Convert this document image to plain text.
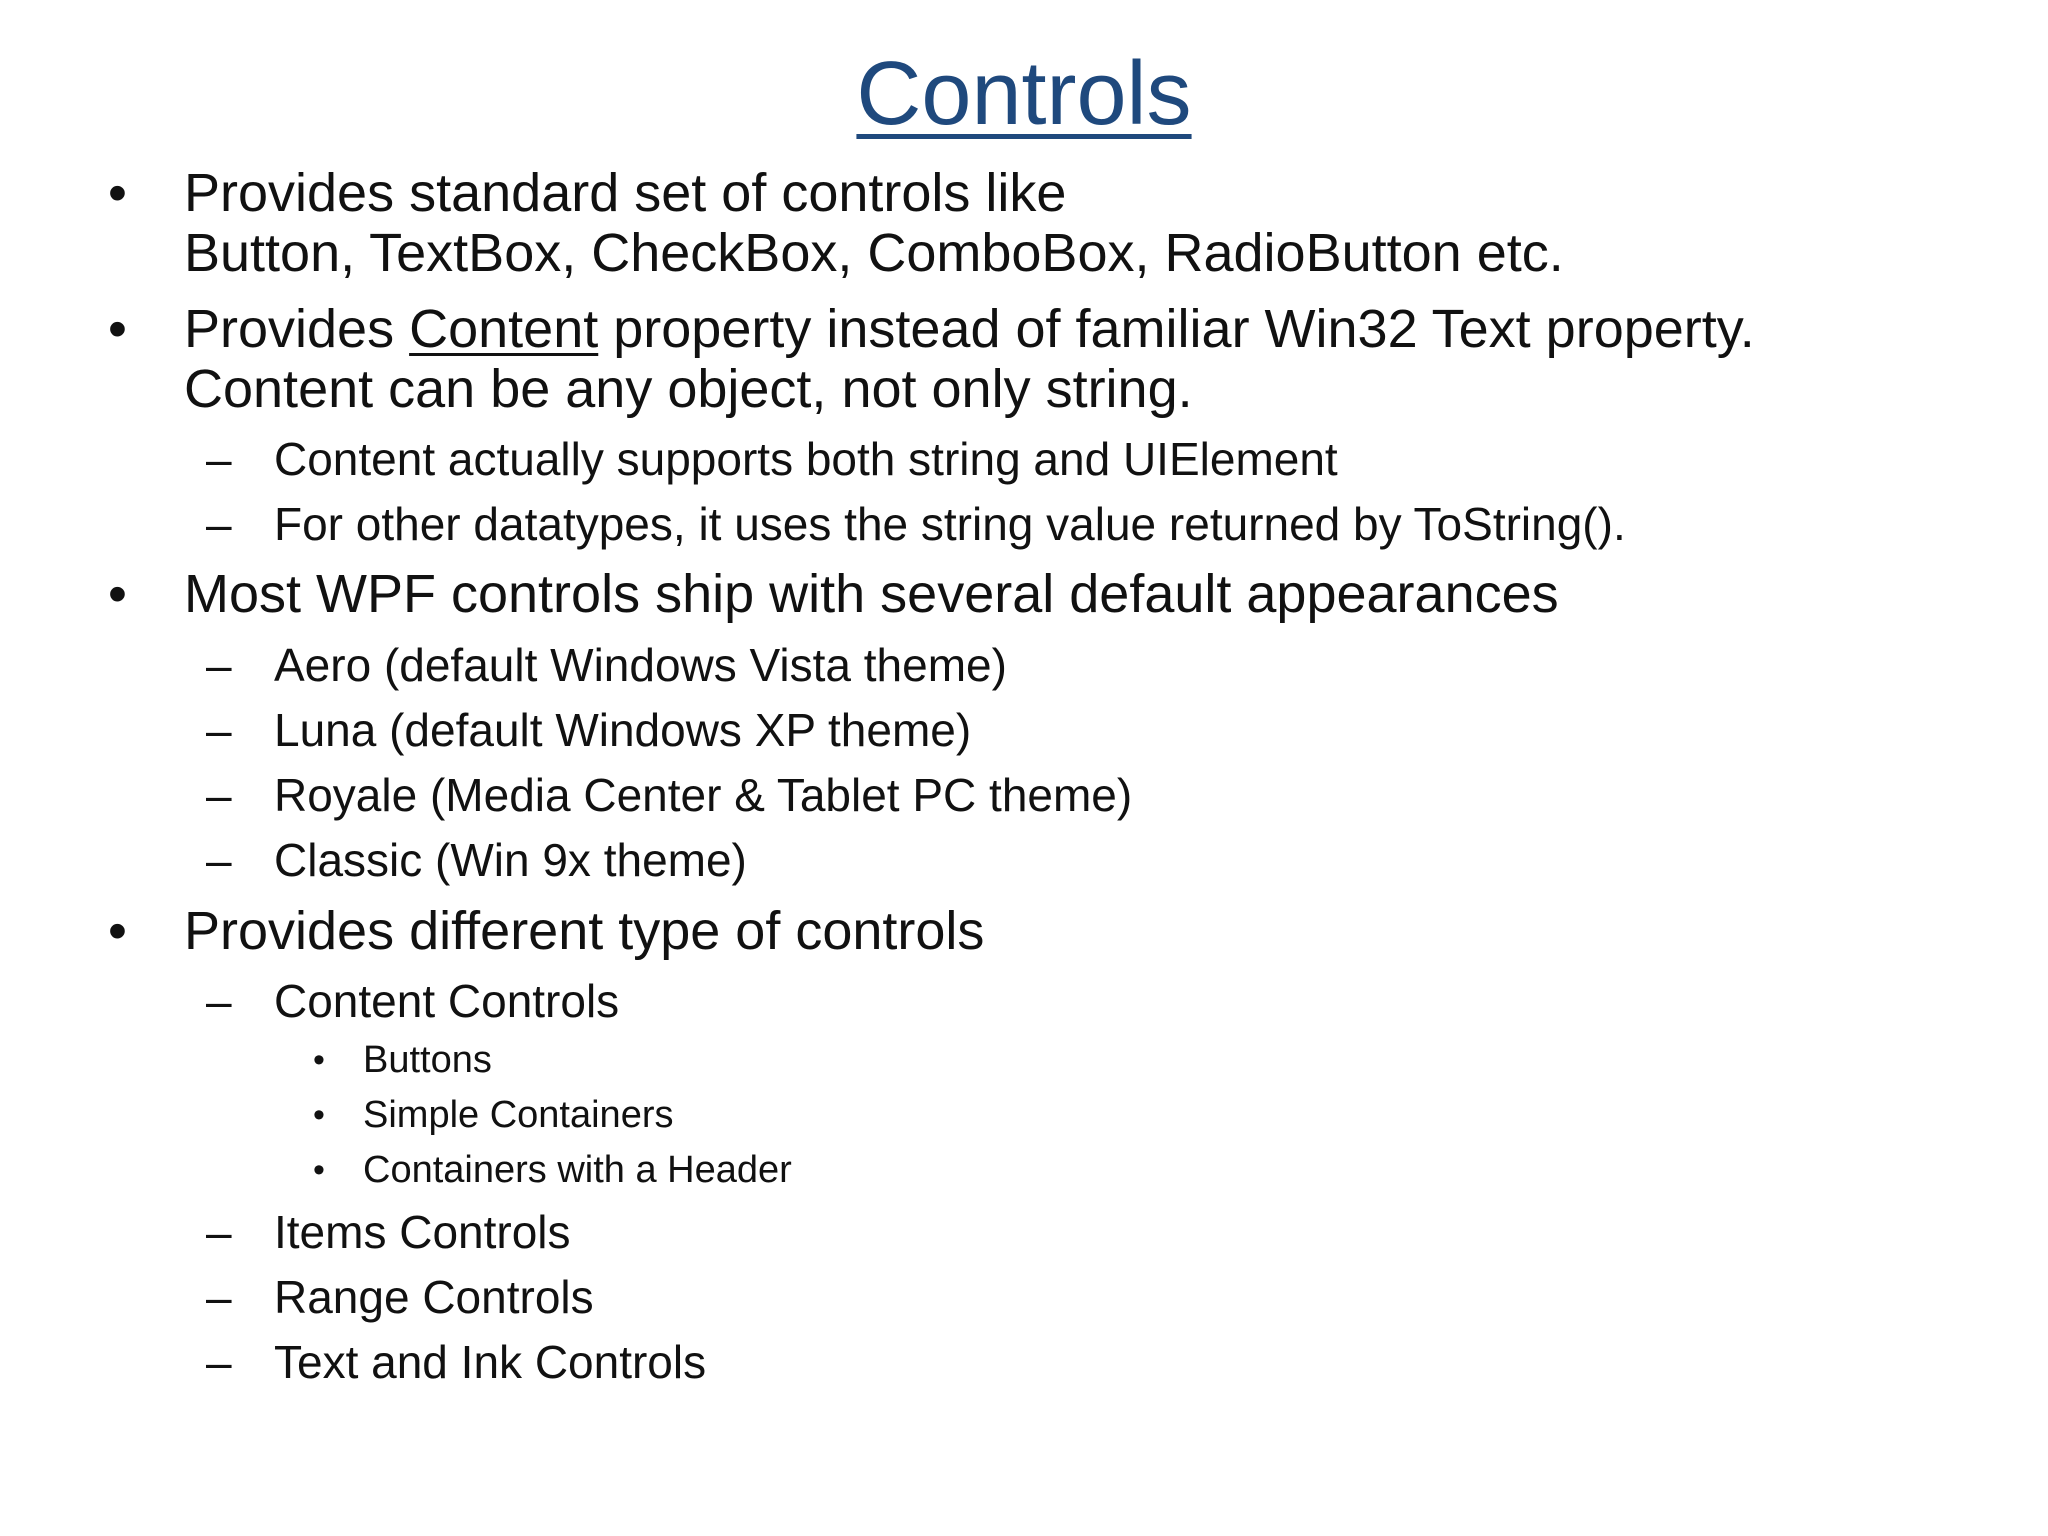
Controls
• Provides standard set of controls like

Button, TextBox, CheckBox, ComboBox, RadioButton etc.

• Provides Content property instead of familiar Win32 Text property.

Content can be any object, not only string.

– Content actually supports both string and UIElement

– For other datatypes, it uses the string value returned by ToString().

• Most WPF controls ship with several default appearances

– Aero (default Windows Vista theme)

– Luna (default Windows XP theme)

– Royale (Media Center & Tablet PC theme)

– Classic (Win 9x theme)

• Provides different type of controls

– Content Controls

• Buttons

• Simple Containers

• Containers with a Header

– Items Controls

– Range Controls

– Text and Ink Controls
